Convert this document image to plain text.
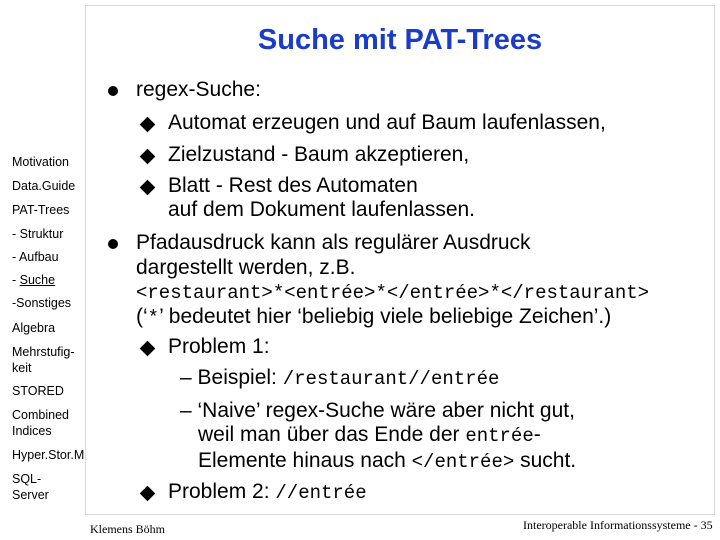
Suche mit PAT-Trees
Motivation
Data.Guide
PAT-Trees
- Struktur
- Aufbau
- Suche
-Sonstiges
Algebra
Mehrstufig-
keit
STORED
Combined
Indices
Hyper.Stor.M
SQL-
Server
regex-Suche:
Automat erzeugen und auf Baum laufenlassen,
Zielzustand - Baum akzeptieren,
Blatt - Rest des Automaten
auf dem Dokument laufenlassen.
Pfadausdruck kann als regulärer Ausdruck
dargestellt werden, z.B.
<restaurant>*<entrée>*</entrée>*</restaurant>
(‘*’ bedeutet hier ‘beliebig viele beliebige Zeichen’.)
Problem 1:
– Beispiel: /restaurant//entrée
– ‘Naive’ regex-Suche wäre aber nicht gut,
weil man über das Ende der entrée-
Elemente hinaus nach </entrée> sucht.
Problem 2: //entrée
Klemens Böhm	Interoperable Informationssysteme - 35
